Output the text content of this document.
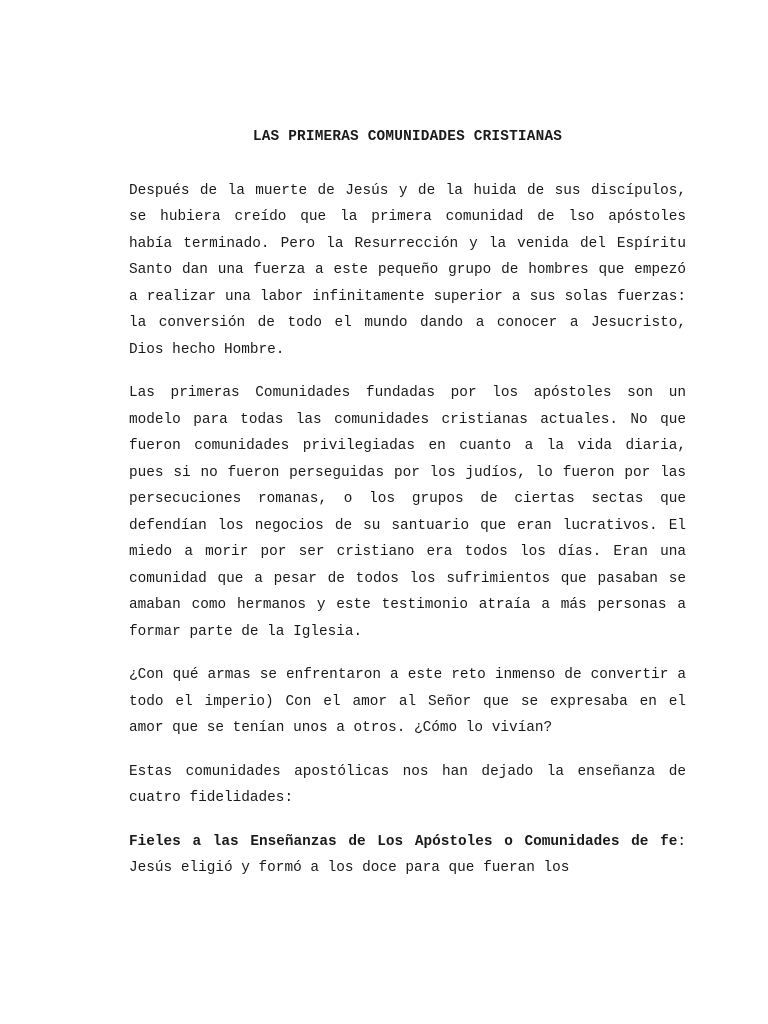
LAS PRIMERAS COMUNIDADES CRISTIANAS

Después de la muerte de Jesús y de la huida de sus discípulos, se hubiera creído que la primera comunidad de lso apóstoles había terminado. Pero la Resurrección y la venida del Espíritu Santo dan una fuerza a este pequeño grupo de hombres que empezó a realizar una labor infinitamente superior a sus solas fuerzas: la conversión de todo el mundo dando a conocer a Jesucristo, Dios hecho Hombre.

Las primeras Comunidades fundadas por los apóstoles son un modelo para todas las comunidades cristianas actuales. No que fueron comunidades privilegiadas en cuanto a la vida diaria, pues si no fueron perseguidas por los judíos, lo fueron por las persecuciones romanas, o los grupos de ciertas sectas que defendían los negocios de su santuario que eran lucrativos. El miedo a morir por ser cristiano era todos los días. Eran una comunidad que a pesar de todos los sufrimientos que pasaban se amaban como hermanos y este testimonio atraía a más personas a formar parte de la Iglesia.

¿Con qué armas se enfrentaron a este reto inmenso de convertir a todo el imperio) Con el amor al Señor que se expresaba en el amor que se tenían unos a otros. ¿Cómo lo vivían?

Estas comunidades apostólicas nos han dejado la enseñanza de cuatro fidelidades:

Fieles a las Enseñanzas de Los Apóstoles o Comunidades de fe: Jesús eligió y formó a los doce para que fueran los
